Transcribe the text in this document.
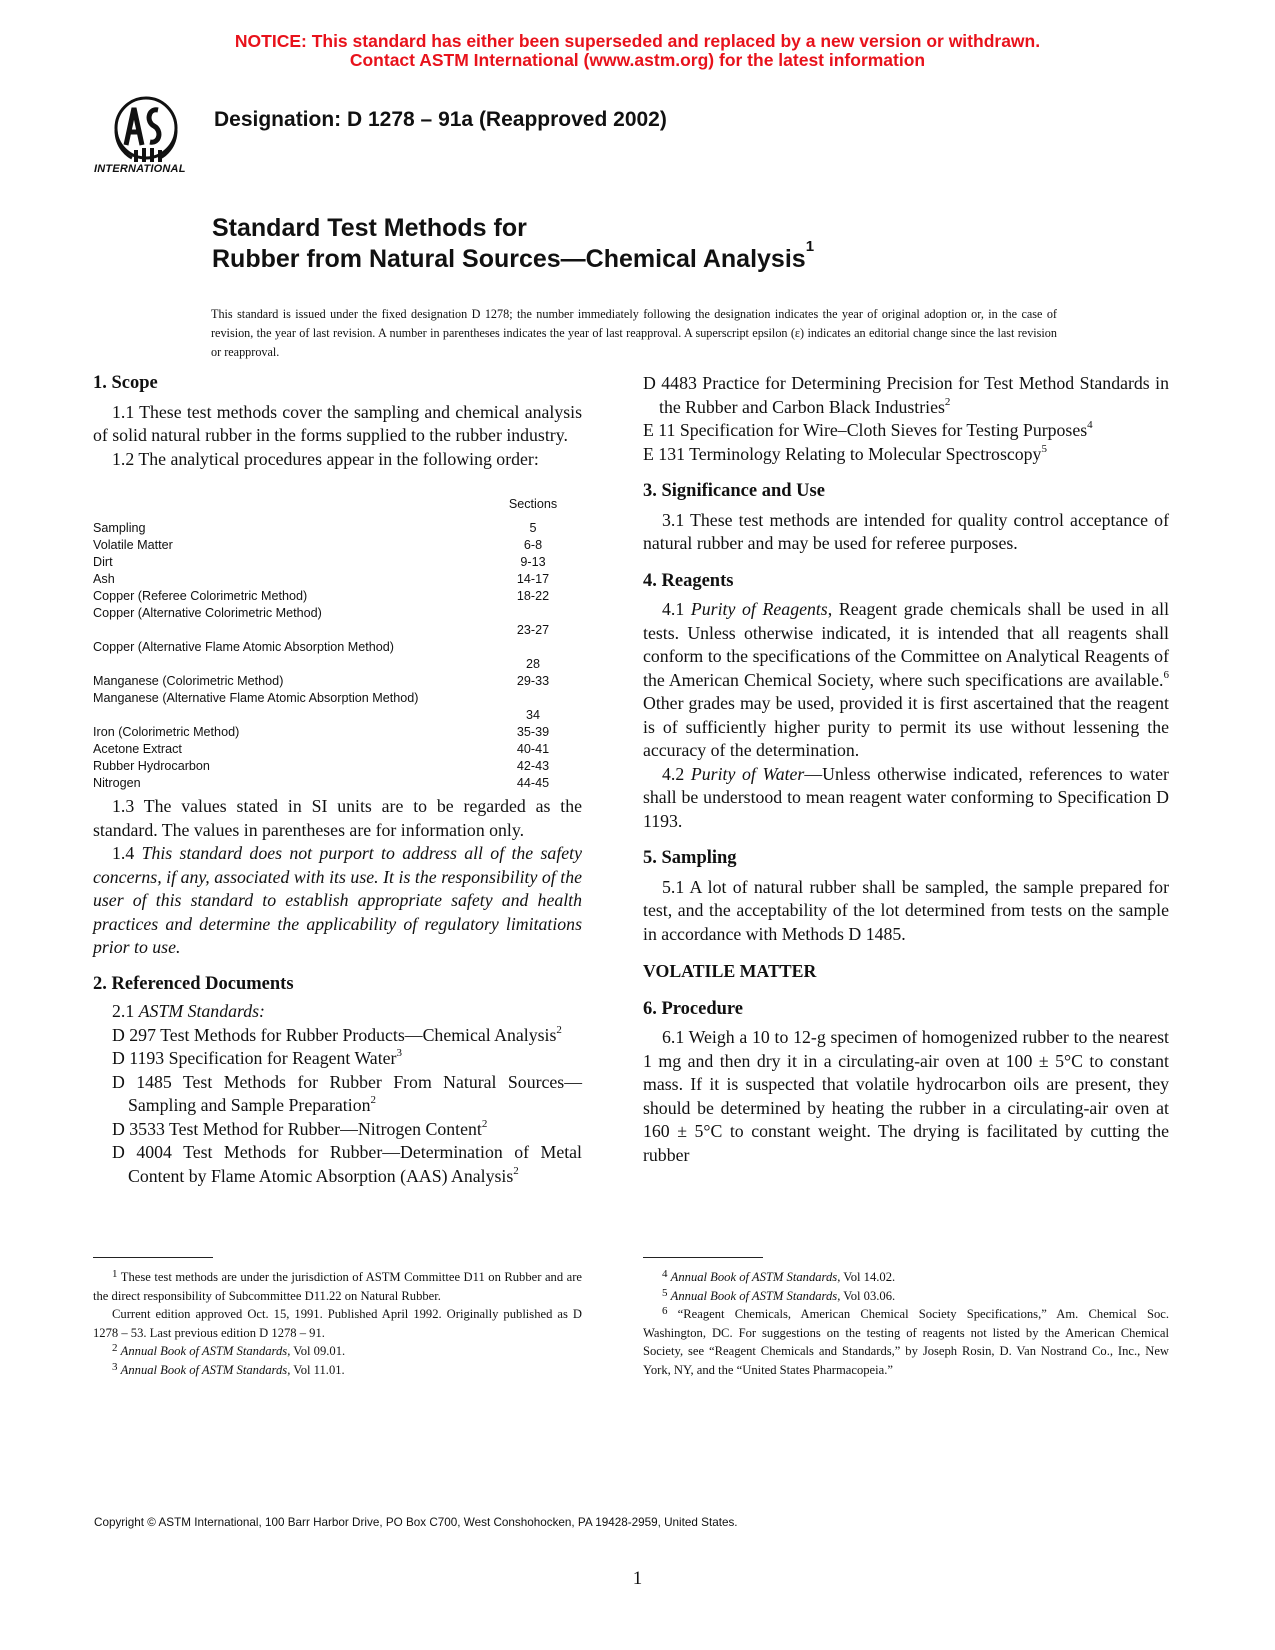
NOTICE: This standard has either been superseded and replaced by a new version or withdrawn.
Contact ASTM International (www.astm.org) for the latest information
INTERNATIONAL
Designation: D 1278 – 91a (Reapproved 2002)
Standard Test Methods for
Rubber from Natural Sources—Chemical Analysis$^1$
This standard is issued under the fixed designation D 1278; the number immediately following the designation indicates the year of original adoption or, in the case of revision, the year of last revision. A number in parentheses indicates the year of last reapproval. A superscript epsilon (ε) indicates an editorial change since the last revision or reapproval.

1. Scope

1.1 These test methods cover the sampling and chemical analysis of solid natural rubber in the forms supplied to the rubber industry.

1.2 The analytical procedures appear in the following order:

Sections
Sampling	5
Volatile Matter	6-8
Dirt	9-13
Ash	14-17
Copper (Referee Colorimetric Method)	18-22
Copper (Alternative Colorimetric Method)
23-27
Copper (Alternative Flame Atomic Absorption Method)
28
Manganese (Colorimetric Method)	29-33
Manganese (Alternative Flame Atomic Absorption Method)
34
Iron (Colorimetric Method)	35-39
Acetone Extract	40-41
Rubber Hydrocarbon	42-43
Nitrogen	44-45

1.3 The values stated in SI units are to be regarded as the standard. The values in parentheses are for information only.

1.4 This standard does not purport to address all of the safety concerns, if any, associated with its use. It is the responsibility of the user of this standard to establish appropriate safety and health practices and determine the applicability of regulatory limitations prior to use.

2. Referenced Documents

2.1 ASTM Standards:

D 297 Test Methods for Rubber Products—Chemical Analysis$^2$

D 1193 Specification for Reagent Water$^3$

D 1485 Test Methods for Rubber From Natural Sources—Sampling and Sample Preparation$^2$

D 3533 Test Method for Rubber—Nitrogen Content$^2$

D 4004 Test Methods for Rubber—Determination of Metal Content by Flame Atomic Absorption (AAS) Analysis$^2$

$^1$ These test methods are under the jurisdiction of ASTM Committee D11 on Rubber and are the direct responsibility of Subcommittee D11.22 on Natural Rubber.

Current edition approved Oct. 15, 1991. Published April 1992. Originally published as D 1278 – 53. Last previous edition D 1278 – 91.

$^2$ Annual Book of ASTM Standards, Vol 09.01.

$^3$ Annual Book of ASTM Standards, Vol 11.01.

D 4483 Practice for Determining Precision for Test Method Standards in the Rubber and Carbon Black Industries$^2$

E 11 Specification for Wire–Cloth Sieves for Testing Purposes$^4$

E 131 Terminology Relating to Molecular Spectroscopy$^5$

3. Significance and Use

3.1 These test methods are intended for quality control acceptance of natural rubber and may be used for referee purposes.

4. Reagents

4.1 Purity of Reagents, Reagent grade chemicals shall be used in all tests. Unless otherwise indicated, it is intended that all reagents shall conform to the specifications of the Committee on Analytical Reagents of the American Chemical Society, where such specifications are available.$^6$ Other grades may be used, provided it is first ascertained that the reagent is of sufficiently higher purity to permit its use without lessening the accuracy of the determination.

4.2 Purity of Water—Unless otherwise indicated, references to water shall be understood to mean reagent water conforming to Specification D 1193.

5. Sampling

5.1 A lot of natural rubber shall be sampled, the sample prepared for test, and the acceptability of the lot determined from tests on the sample in accordance with Methods D 1485.

VOLATILE MATTER

6. Procedure

6.1 Weigh a 10 to 12-g specimen of homogenized rubber to the nearest 1 mg and then dry it in a circulating-air oven at 100 ± 5°C to constant mass. If it is suspected that volatile hydrocarbon oils are present, they should be determined by heating the rubber in a circulating-air oven at 160 ± 5°C to constant weight. The drying is facilitated by cutting the rubber

$^4$ Annual Book of ASTM Standards, Vol 14.02.

$^5$ Annual Book of ASTM Standards, Vol 03.06.

$^6$ “Reagent Chemicals, American Chemical Society Specifications,” Am. Chemical Soc. Washington, DC. For suggestions on the testing of reagents not listed by the American Chemical Society, see “Reagent Chemicals and Standards,” by Joseph Rosin, D. Van Nostrand Co., Inc., New York, NY, and the “United States Pharmacopeia.”

Copyright © ASTM International, 100 Barr Harbor Drive, PO Box C700, West Conshohocken, PA 19428-2959, United States.
1
